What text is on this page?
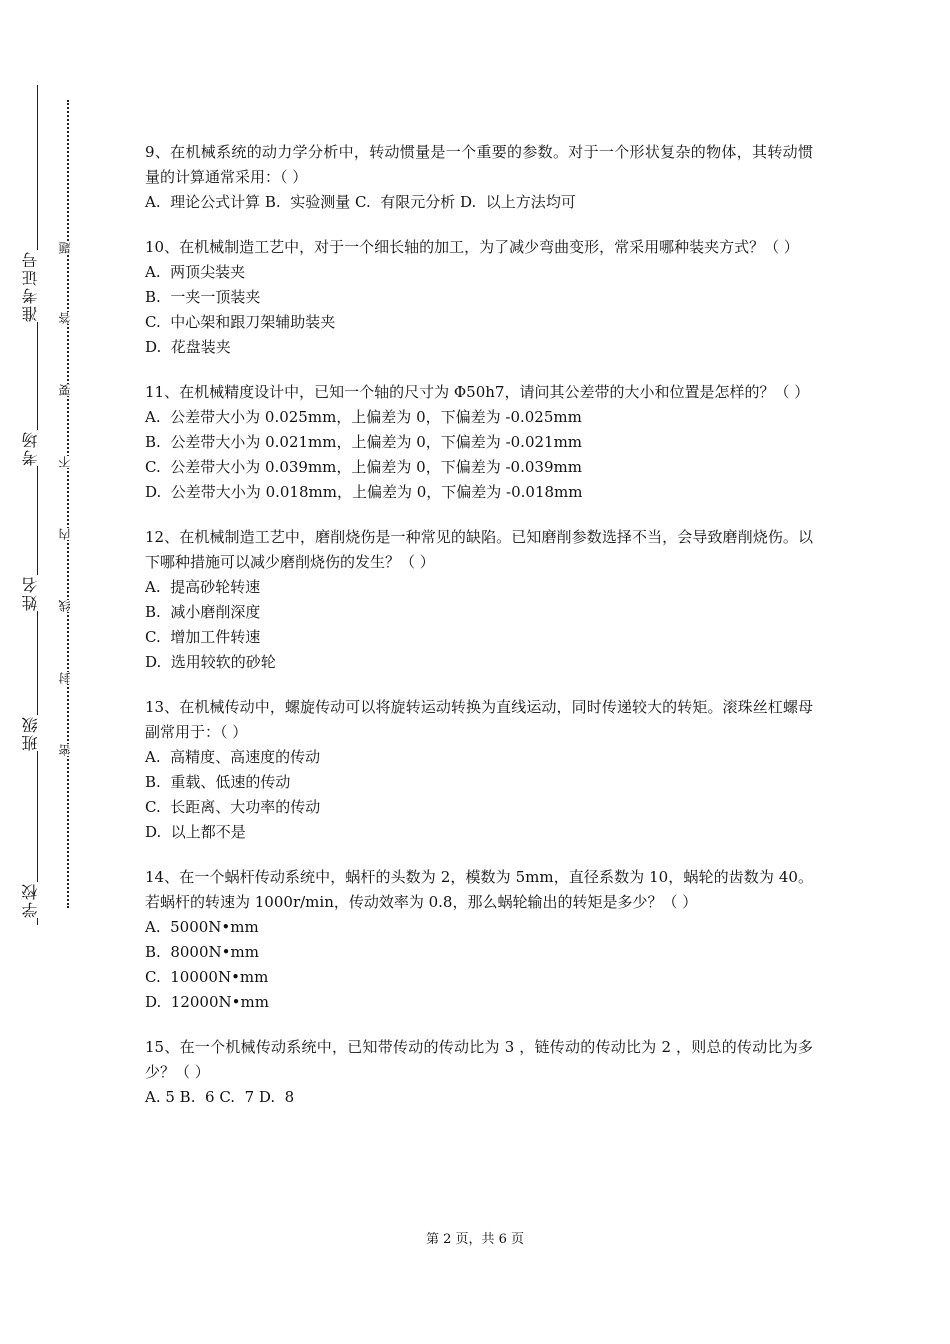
准考证号
考场
姓名
班级
学校
题
答
要
不
内
线
封
密
9、在机械系统的动力学分析中，转动惯量是一个重要的参数。对于一个形状复杂的物体，其转动惯量的计算通常采用：（ ）
A.  理论公式计算 B.  实验测量 C.  有限元分析 D.  以上方法均可
10、在机械制造工艺中，对于一个细长轴的加工，为了减少弯曲变形，常采用哪种装夹方式？（ ）
A.  两顶尖装夹
B.  一夹一顶装夹
C.  中心架和跟刀架辅助装夹
D.  花盘装夹
11、在机械精度设计中，已知一个轴的尺寸为 Φ50h7，请问其公差带的大小和位置是怎样的？（ ）
A.  公差带大小为 0.025mm，上偏差为 0，下偏差为 -0.025mm
B.  公差带大小为 0.021mm，上偏差为 0，下偏差为 -0.021mm
C.  公差带大小为 0.039mm，上偏差为 0，下偏差为 -0.039mm
D.  公差带大小为 0.018mm，上偏差为 0，下偏差为 -0.018mm
12、在机械制造工艺中，磨削烧伤是一种常见的缺陷。已知磨削参数选择不当，会导致磨削烧伤。以下哪种措施可以减少磨削烧伤的发生？（ ）
A.  提高砂轮转速
B.  减小磨削深度
C.  增加工件转速
D.  选用较软的砂轮
13、在机械传动中，螺旋传动可以将旋转运动转换为直线运动，同时传递较大的转矩。滚珠丝杠螺母副常用于：（ ）
A.  高精度、高速度的传动
B.  重载、低速的传动
C.  长距离、大功率的传动
D.  以上都不是
14、在一个蜗杆传动系统中，蜗杆的头数为 2，模数为 5mm，直径系数为 10，蜗轮的齿数为 40。若蜗杆的转速为 1000r/min，传动效率为 0.8，那么蜗轮输出的转矩是多少？（ ）
A.  5000N•mm
B.  8000N•mm
C.  10000N•mm
D.  12000N•mm
15、在一个机械传动系统中，已知带传动的传动比为 3 ，链传动的传动比为 2 ，则总的传动比为多少？（ ）
A. 5 B.  6 C.  7 D.  8
第 2 页，共 6 页
